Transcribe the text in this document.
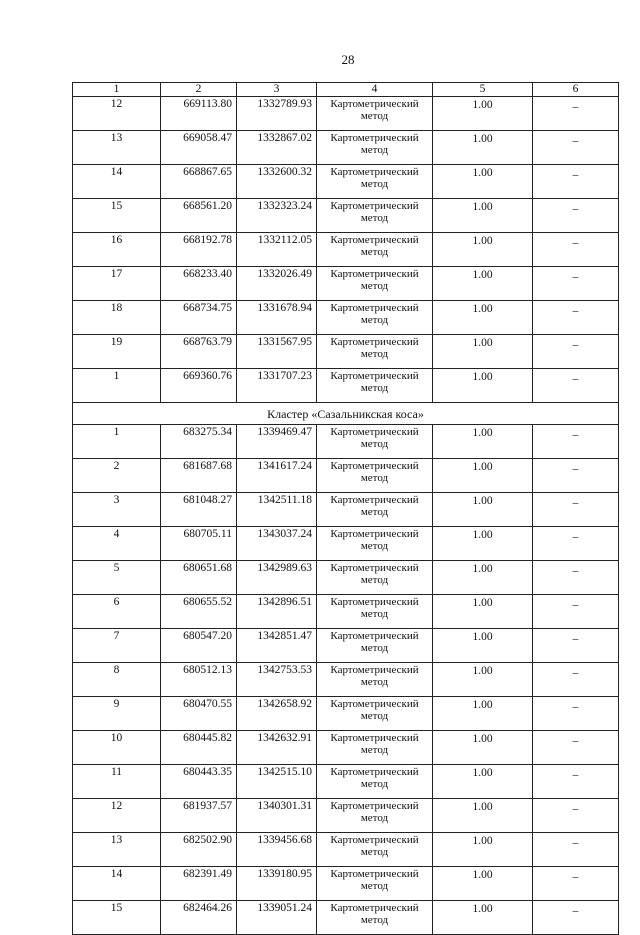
28
1	2	3	4	5	6
12	669113.80	1332789.93	Картометрический метод	1.00	–
13	669058.47	1332867.02	Картометрический метод	1.00	–
14	668867.65	1332600.32	Картометрический метод	1.00	–
15	668561.20	1332323.24	Картометрический метод	1.00	–
16	668192.78	1332112.05	Картометрический метод	1.00	–
17	668233.40	1332026.49	Картометрический метод	1.00	–
18	668734.75	1331678.94	Картометрический метод	1.00	–
19	668763.79	1331567.95	Картометрический метод	1.00	–
1	669360.76	1331707.23	Картометрический метод	1.00	–
Кластер «Сазальникская коса»					
1	683275.34	1339469.47	Картометрический метод	1.00	–
2	681687.68	1341617.24	Картометрический метод	1.00	–
3	681048.27	1342511.18	Картометрический метод	1.00	–
4	680705.11	1343037.24	Картометрический метод	1.00	–
5	680651.68	1342989.63	Картометрический метод	1.00	–
6	680655.52	1342896.51	Картометрический метод	1.00	–
7	680547.20	1342851.47	Картометрический метод	1.00	–
8	680512.13	1342753.53	Картометрический метод	1.00	–
9	680470.55	1342658.92	Картометрический метод	1.00	–
10	680445.82	1342632.91	Картометрический метод	1.00	–
11	680443.35	1342515.10	Картометрический метод	1.00	–
12	681937.57	1340301.31	Картометрический метод	1.00	–
13	682502.90	1339456.68	Картометрический метод	1.00	–
14	682391.49	1339180.95	Картометрический метод	1.00	–
15	682464.26	1339051.24	Картометрический метод	1.00	–
